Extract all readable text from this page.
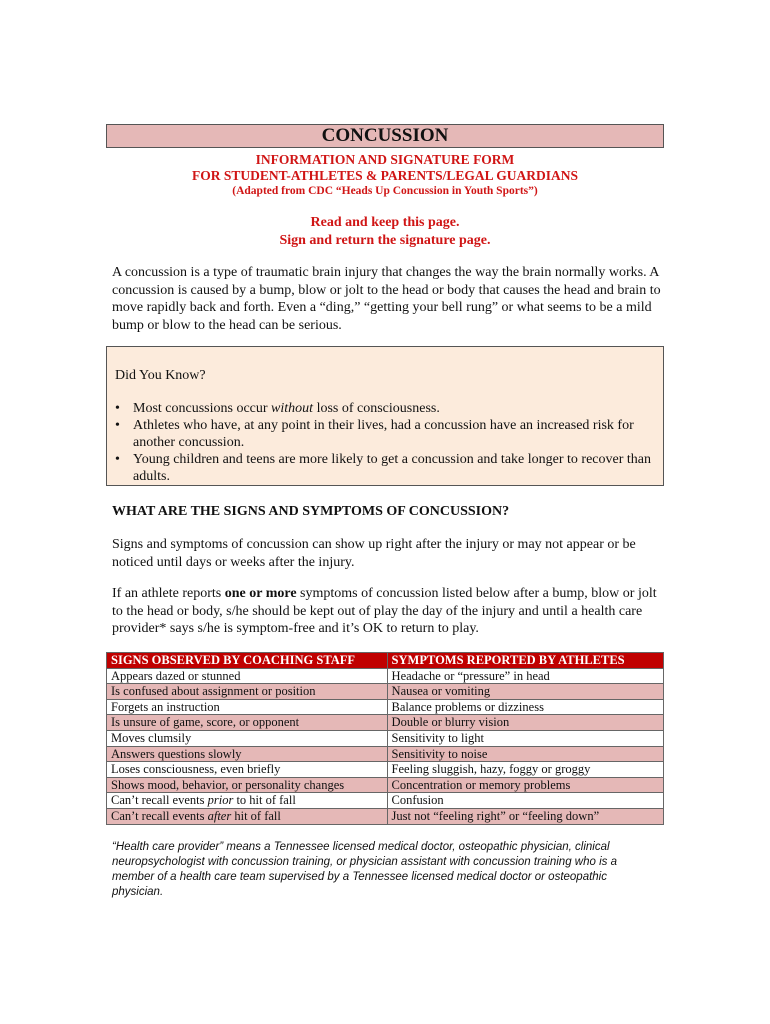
CONCUSSION
INFORMATION AND SIGNATURE FORM
FOR STUDENT-ATHLETES & PARENTS/LEGAL GUARDIANS
(Adapted from CDC “Heads Up Concussion in Youth Sports”)
Read and keep this page.
Sign and return the signature page.

A concussion is a type of traumatic brain injury that changes the way the brain normally works. A concussion is caused by a bump, blow or jolt to the head or body that causes the head and brain to move rapidly back and forth. Even a “ding,” “getting your bell rung” or what seems to be a mild bump or blow to the head can be serious.

Did You Know?
• Most concussions occur without loss of consciousness.
• Athletes who have, at any point in their lives, had a concussion have an increased risk for another concussion.
• Young children and teens are more likely to get a concussion and take longer to recover than adults.

WHAT ARE THE SIGNS AND SYMPTOMS OF CONCUSSION?

Signs and symptoms of concussion can show up right after the injury or may not appear or be noticed until days or weeks after the injury.

If an athlete reports one or more symptoms of concussion listed below after a bump, blow or jolt to the head or body, s/he should be kept out of play the day of the injury and until a health care provider* says s/he is symptom-free and it’s OK to return to play.

SIGNS OBSERVED BY COACHING STAFF	SYMPTOMS REPORTED BY ATHLETES
Appears dazed or stunned	Headache or “pressure” in head
Is confused about assignment or position	Nausea or vomiting
Forgets an instruction	Balance problems or dizziness
Is unsure of game, score, or opponent	Double or blurry vision
Moves clumsily	Sensitivity to light
Answers questions slowly	Sensitivity to noise
Loses consciousness, even briefly	Feeling sluggish, hazy, foggy or groggy
Shows mood, behavior, or personality changes	Concentration or memory problems
Can’t recall events prior to hit of fall	Confusion
Can’t recall events after hit of fall	Just not “feeling right” or “feeling down”

“Health care provider” means a Tennessee licensed medical doctor, osteopathic physician, clinical neuropsychologist with concussion training, or physician assistant with concussion training who is a member of a health care team supervised by a Tennessee licensed medical doctor or osteopathic physician.
